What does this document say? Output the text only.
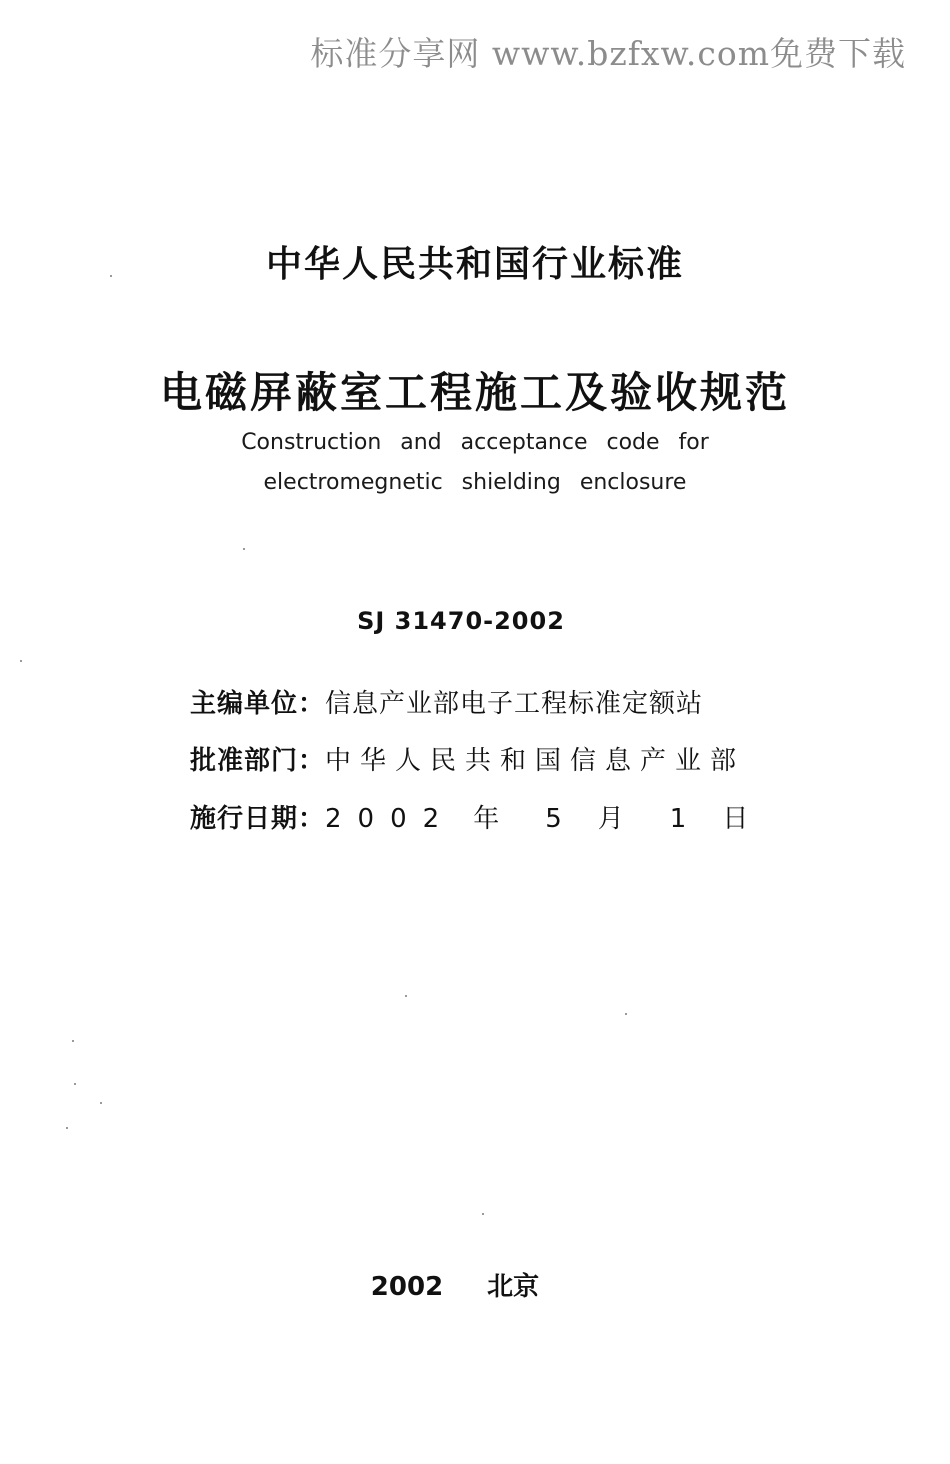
标准分享网 www.bzfxw.com免费下载
中华人民共和国行业标准
电磁屏蔽室工程施工及验收规范
Construction and acceptance code for
electromegnetic shielding enclosure
SJ 31470-2002
主编单位： 信息产业部电子工程标准定额站
批准部门： 中华人民共和国信息产业部
施行日期： 2002 年 5 月 1 日
2002 北京
